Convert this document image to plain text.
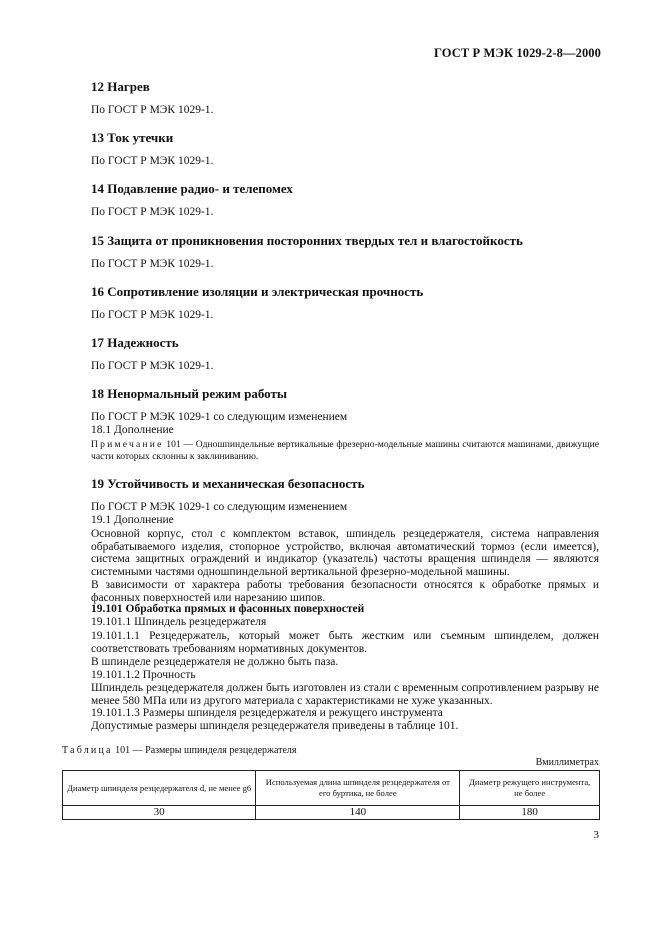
ГОСТ Р МЭК 1029-2-8—2000
12 Нагрев
По ГОСТ Р МЭК 1029-1.
13 Ток утечки
По ГОСТ Р МЭК 1029-1.
14 Подавление радио- и телепомех
По ГОСТ Р МЭК 1029-1.
15 Защита от проникновения посторонних твердых тел и влагостойкость
По ГОСТ Р МЭК 1029-1.
16 Сопротивление изоляции и электрическая прочность
По ГОСТ Р МЭК 1029-1.
17 Надежность
По ГОСТ Р МЭК 1029-1.
18 Ненормальный режим работы
По ГОСТ Р МЭК 1029-1 со следующим изменением
18.1 Дополнение
Примечание 101 — Одношпиндельные вертикальные фрезерно-модельные машины считаются машинами, движущие части которых склонны к заклиниванию.
19 Устойчивость и механическая безопасность
По ГОСТ Р МЭК 1029-1 со следующим изменением
19.1 Дополнение
Основной корпус, стол с комплектом вставок, шпиндель резцедержателя, система направления обрабатываемого изделия, стопорное устройство, включая автоматический тормоз (если имеется), система защитных ограждений и индикатор (указатель) частоты вращения шпинделя — являются системными частями одношпиндельной вертикальной фрезерно-модельной машины.
В зависимости от характера работы требования безопасности относятся к обработке прямых и фасонных поверхностей или нарезанию шипов.
19.101 Обработка прямых и фасонных поверхностей
19.101.1 Шпиндель резцедержателя
19.101.1.1 Резцедержатель, который может быть жестким или съемным шпинделем, должен соответствовать требованиям нормативных документов.
В шпинделе резцедержателя не должно быть паза.
19.101.1.2 Прочность
Шпиндель резцедержателя должен быть изготовлен из стали с временным сопротивлением разрыву не менее 580 МПа или из другого материала с характеристиками не хуже указанных.
19.101.1.3 Размеры шпинделя резцедержателя и режущего инструмента
Допустимые размеры шпинделя резцедержателя приведены в таблице 101.
Таблица 101 — Размеры шпинделя резцедержателя
Вмиллиметрах
Диаметр шпинделя резцедержателя d, не менее g6	Используемая длина шпинделя резцедержателя от его буртика, не более	Диаметр режущего инструмента, не более
30	140	180
3
